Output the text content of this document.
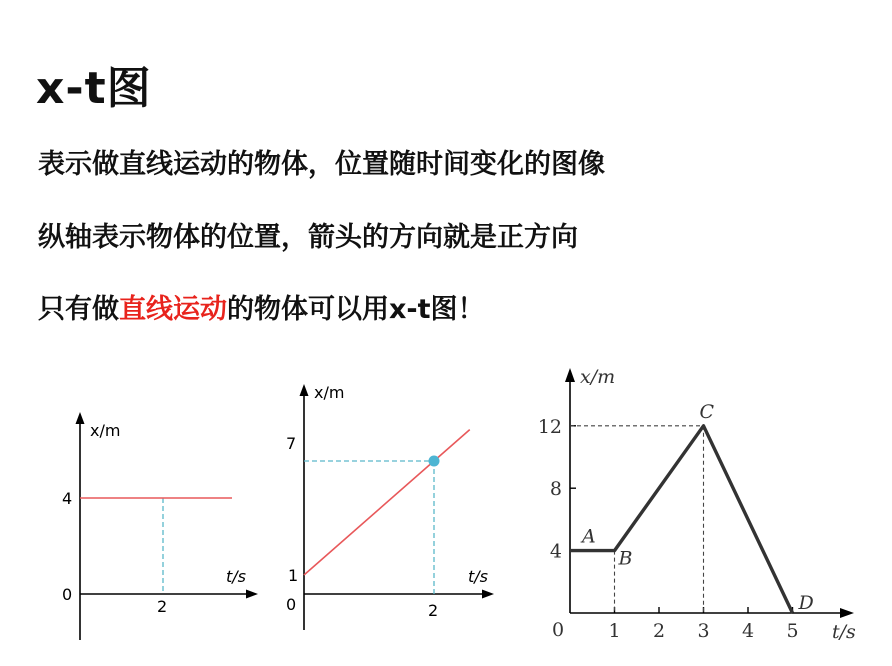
x-t图
表示做直线运动的物体，位置随时间变化的图像
纵轴表示物体的位置，箭头的方向就是正方向
只有做直线运动的物体可以用x-t图！
x/m
t/s
0
4
2
x/m
t/s
0
1
7
2
x/m
t/s
0
4
8
12
1 2 3 4 5
A
B
C
D
